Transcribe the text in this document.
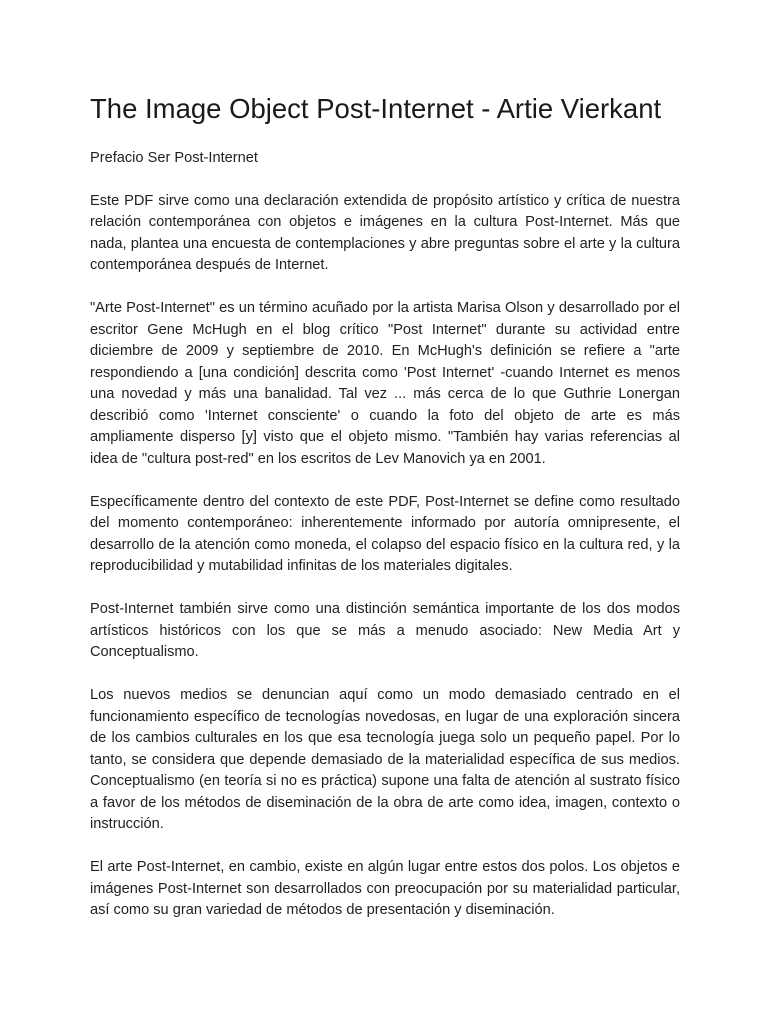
The Image Object Post-Internet - Artie Vierkant

Prefacio Ser Post-Internet

Este PDF sirve como una declaración extendida de propósito artístico y crítica de nuestra relación contemporánea con objetos e imágenes en la cultura Post-Internet. Más que nada, plantea una encuesta de contemplaciones y abre preguntas sobre el arte y la cultura contemporánea después de Internet.

"Arte Post-Internet" es un término acuñado por la artista Marisa Olson y desarrollado por el escritor Gene McHugh en el blog crítico "Post Internet" durante su actividad entre diciembre de 2009 y septiembre de 2010. En McHugh's definición se refiere a "arte respondiendo a [una condición] descrita como 'Post Internet' -cuando Internet es menos una novedad y más una banalidad. Tal vez ... más cerca de lo que Guthrie Lonergan describió como 'Internet consciente' o cuando la foto del objeto de arte es más ampliamente disperso [y] visto que el objeto mismo. "También hay varias referencias al idea de "cultura post-red" en los escritos de Lev Manovich ya en 2001.

Específicamente dentro del contexto de este PDF, Post-Internet se define como resultado del momento contemporáneo: inherentemente informado por autoría omnipresente, el desarrollo de la atención como moneda, el colapso del espacio físico en la cultura red, y la reproducibilidad y mutabilidad infinitas de los materiales digitales.

Post-Internet también sirve como una distinción semántica importante de los dos modos artísticos históricos con los que se más a menudo asociado: New Media Art y Conceptualismo.

Los nuevos medios se denuncian aquí como un modo demasiado centrado en el funcionamiento específico de tecnologías novedosas, en lugar de una exploración sincera de los cambios culturales en los que esa tecnología juega solo un pequeño papel. Por lo tanto, se considera que depende demasiado de la materialidad específica de sus medios. Conceptualismo (en teoría si no es práctica) supone una falta de atención al sustrato físico a favor de los métodos de diseminación de la obra de arte como idea, imagen, contexto o instrucción.

El arte Post-Internet, en cambio, existe en algún lugar entre estos dos polos. Los objetos e imágenes Post-Internet son desarrollados con preocupación por su materialidad particular, así como su gran variedad de métodos de presentación y diseminación.
